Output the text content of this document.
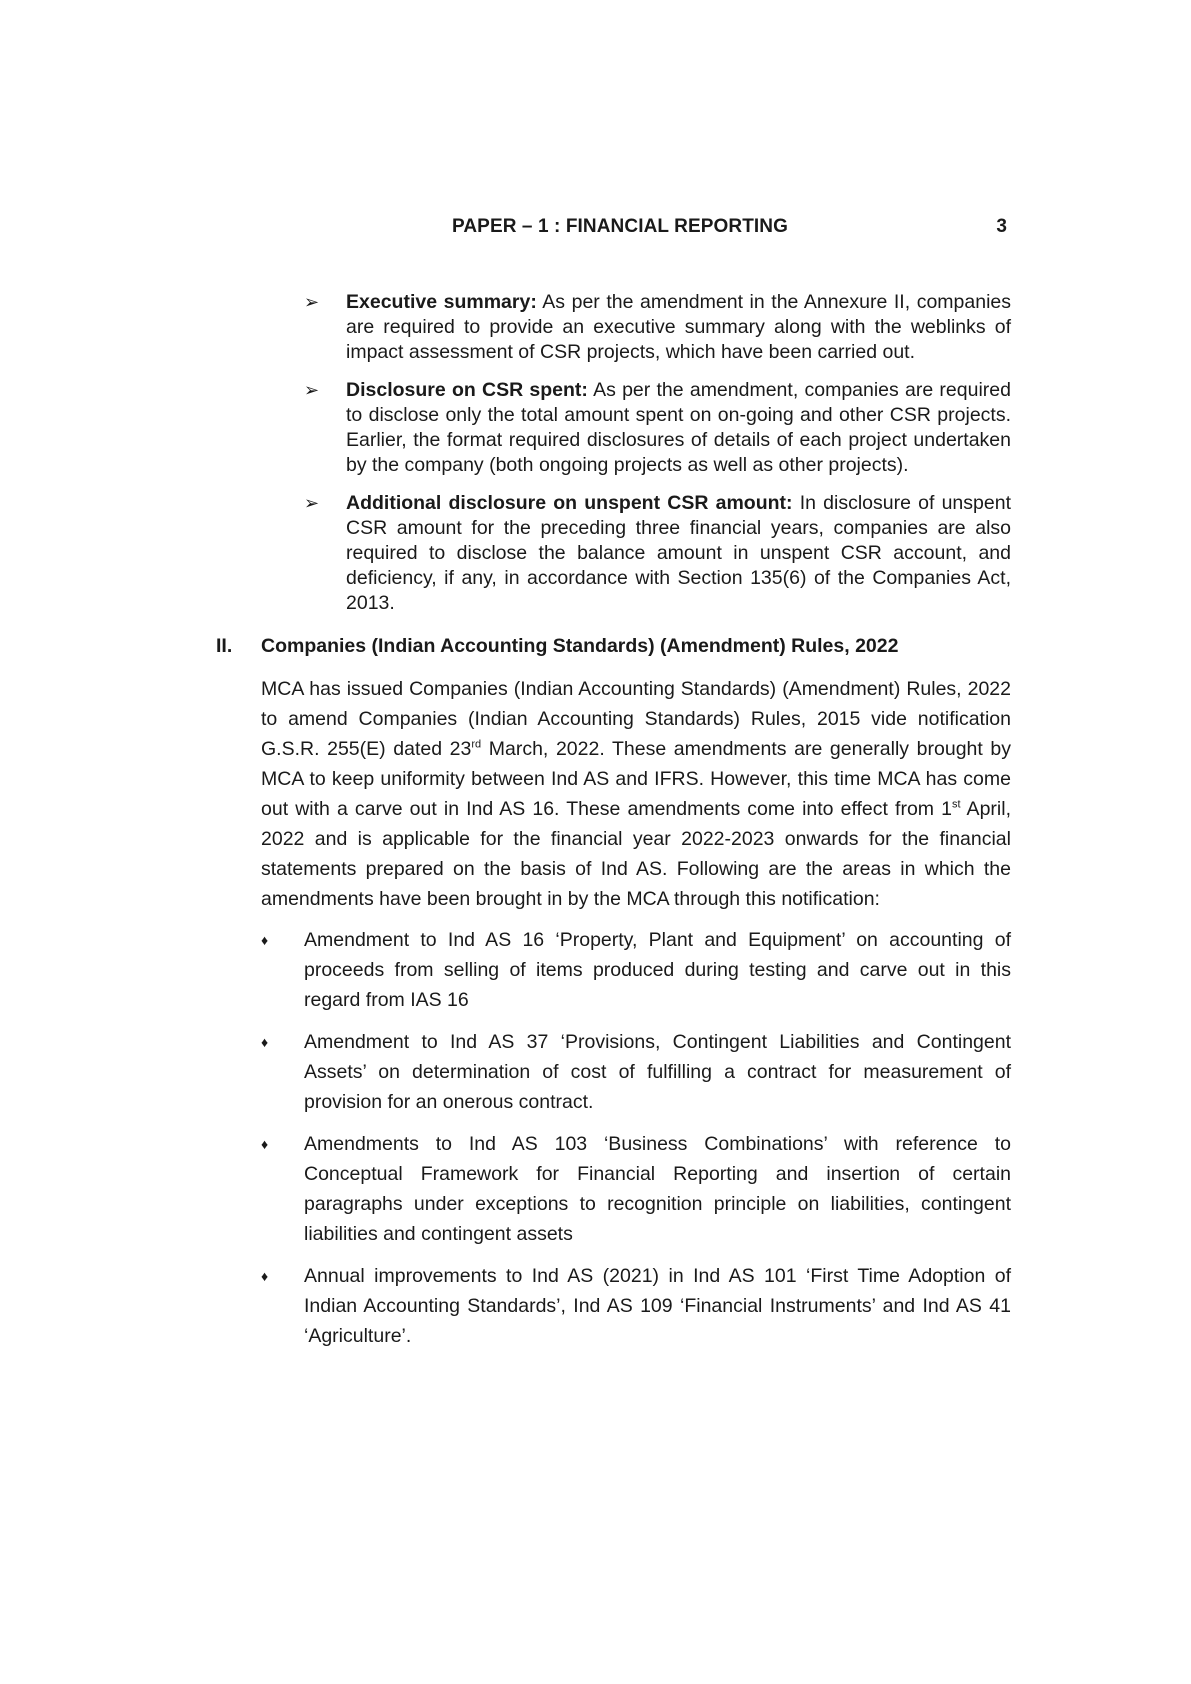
PAPER – 1 : FINANCIAL REPORTING	3
➢ Executive summary: As per the amendment in the Annexure II, companies are required to provide an executive summary along with the weblinks of impact assessment of CSR projects, which have been carried out.
➢ Disclosure on CSR spent: As per the amendment, companies are required to disclose only the total amount spent on on-going and other CSR projects. Earlier, the format required disclosures of details of each project undertaken by the company (both ongoing projects as well as other projects).
➢ Additional disclosure on unspent CSR amount: In disclosure of unspent CSR amount for the preceding three financial years, companies are also required to disclose the balance amount in unspent CSR account, and deficiency, if any, in accordance with Section 135(6) of the Companies Act, 2013.
II. Companies (Indian Accounting Standards) (Amendment) Rules, 2022
MCA has issued Companies (Indian Accounting Standards) (Amendment) Rules, 2022 to amend Companies (Indian Accounting Standards) Rules, 2015 vide notification G.S.R. 255(E) dated 23rd March, 2022. These amendments are generally brought by MCA to keep uniformity between Ind AS and IFRS. However, this time MCA has come out with a carve out in Ind AS 16. These amendments come into effect from 1st April, 2022 and is applicable for the financial year 2022-2023 onwards for the financial statements prepared on the basis of Ind AS. Following are the areas in which the amendments have been brought in by the MCA through this notification:
♦ Amendment to Ind AS 16 ‘Property, Plant and Equipment’ on accounting of proceeds from selling of items produced during testing and carve out in this regard from IAS 16
♦ Amendment to Ind AS 37 ‘Provisions, Contingent Liabilities and Contingent Assets’ on determination of cost of fulfilling a contract for measurement of provision for an onerous contract.
♦ Amendments to Ind AS 103 ‘Business Combinations’ with reference to Conceptual Framework for Financial Reporting and insertion of certain paragraphs under exceptions to recognition principle on liabilities, contingent liabilities and contingent assets
♦ Annual improvements to Ind AS (2021) in Ind AS 101 ‘First Time Adoption of Indian Accounting Standards’, Ind AS 109 ‘Financial Instruments’ and Ind AS 41 ‘Agriculture’.
